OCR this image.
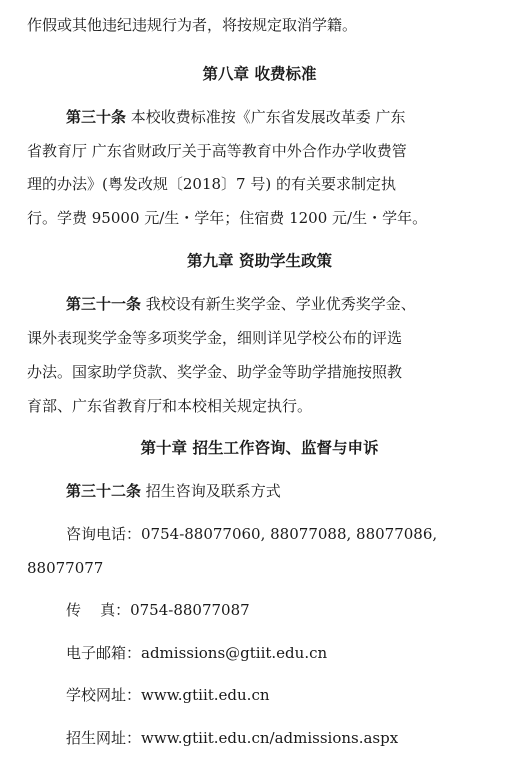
作假或其他违纪违规行为者，将按规定取消学籍。
第八章 收费标准
第三十条 本校收费标准按《广东省发展改革委 广东
省教育厅 广东省财政厅关于高等教育中外合作办学收费管
理的办法》(粤发改规〔2018〕7 号) 的有关要求制定执
行。学费 95000 元/生・学年；住宿费 1200 元/生・学年。
第九章 资助学生政策
第三十一条 我校设有新生奖学金、学业优秀奖学金、
课外表现奖学金等多项奖学金，细则详见学校公布的评选
办法。国家助学贷款、奖学金、助学金等助学措施按照教
育部、广东省教育厅和本校相关规定执行。
第十章 招生工作咨询、监督与申诉
第三十二条 招生咨询及联系方式
咨询电话：0754-88077060, 88077088, 88077086,
88077077
传    真：0754-88077087
电子邮箱：admissions@gtiit.edu.cn
学校网址：www.gtiit.edu.cn
招生网址：www.gtiit.edu.cn/admissions.aspx
